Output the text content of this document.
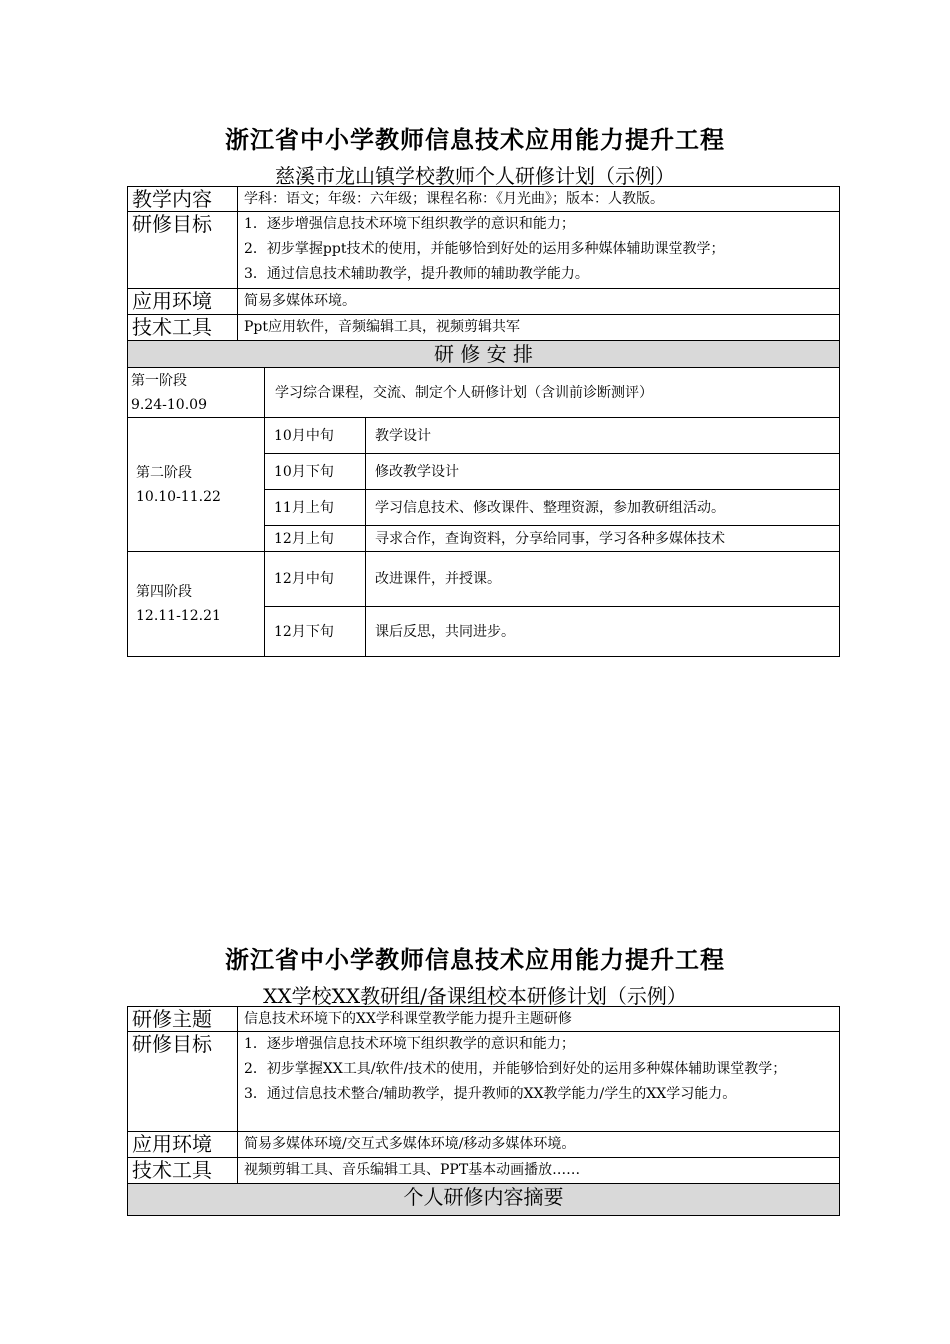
浙江省中小学教师信息技术应用能力提升工程
慈溪市龙山镇学校教师个人研修计划（示例）
教学内容	学科：语文；年级：六年级；课程名称：《月光曲》；版本：人教版。
研修目标	1．逐步增强信息技术环境下组织教学的意识和能力；
2．初步掌握ppt技术的使用，并能够恰到好处的运用多种媒体辅助课堂教学；
3．通过信息技术辅助教学，提升教师的辅助教学能力。

应用环境	简易多媒体环境。
技术工具	Ppt应用软件，音频编辑工具，视频剪辑共军
研 修 安 排		

第一阶段
9.24-10.09	学习综合课程，交流、制定个人研修计划（含训前诊断测评）	

第二阶段
10.10-11.22	10月中旬	教学设计
	10月下旬	修改教学设计
	11月上旬	学习信息技术、修改课件、整理资源，参加教研组活动。
	12月上旬	寻求合作，查询资料，分享给同事，学习各种多媒体技术

第四阶段
12.11-12.21	12月中旬	改进课件，并授课。
	12月下旬	课后反思，共同进步。
浙江省中小学教师信息技术应用能力提升工程
XX学校XX教研组/备课组校本研修计划（示例）
研修主题	信息技术环境下的XX学科课堂教学能力提升主题研修
研修目标	1．逐步增强信息技术环境下组织教学的意识和能力；
2．初步掌握XX工具/软件/技术的使用，并能够恰到好处的运用多种媒体辅助课堂教学；
3．通过信息技术整合/辅助教学，提升教师的XX教学能力/学生的XX学习能力。

应用环境	简易多媒体环境/交互式多媒体环境/移动多媒体环境。
技术工具	视频剪辑工具、音乐编辑工具、PPT基本动画播放……
个人研修内容摘要	
